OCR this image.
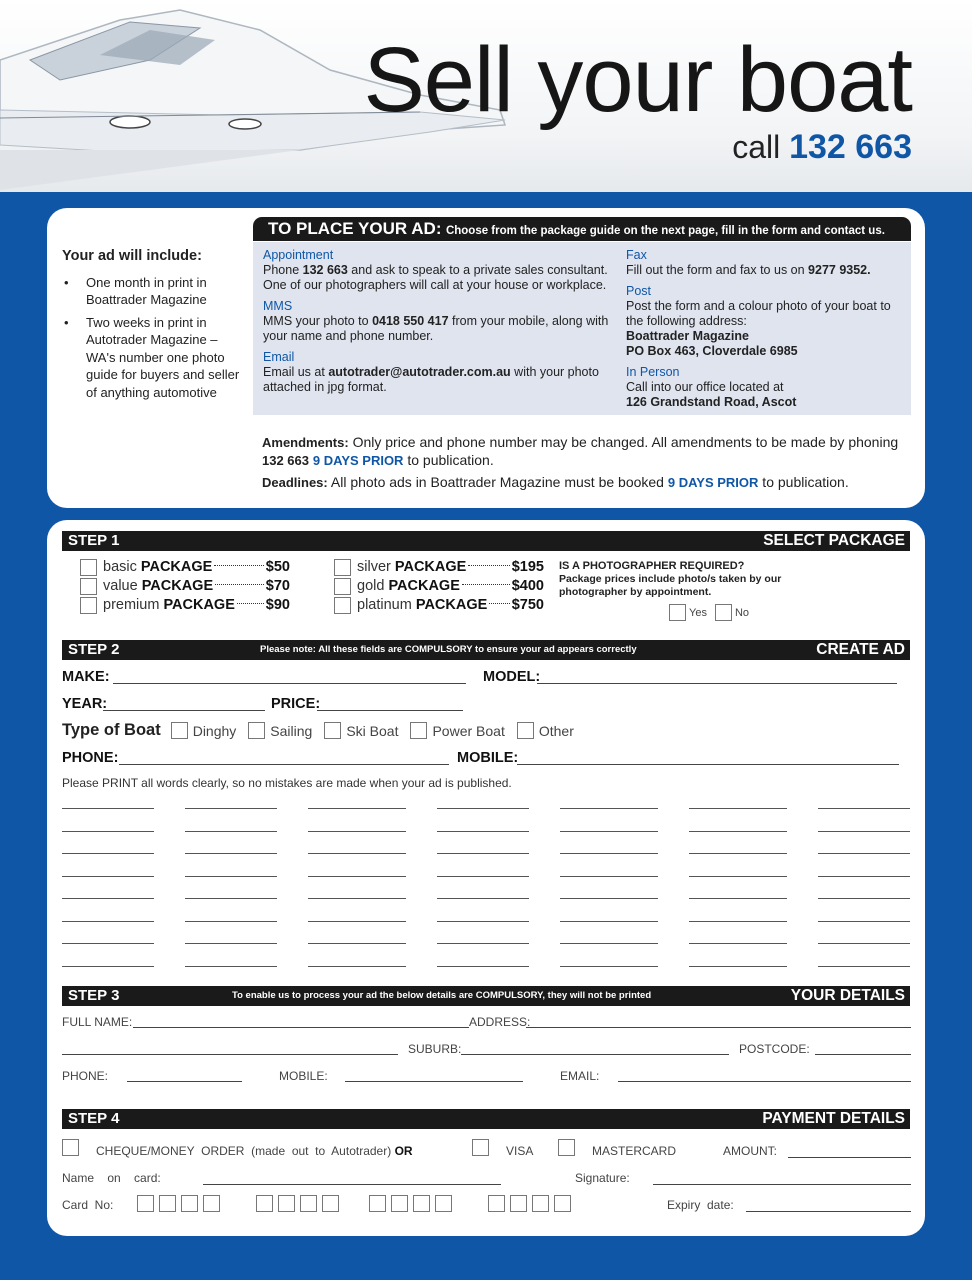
Sell your boat
call 132 663
Your ad will include:
• One month in print in Boattrader Magazine
• Two weeks in print in Autotrader Magazine – WA's number one photo guide for buyers and seller of anything automotive
TO PLACE YOUR AD: Choose from the package guide on the next page, fill in the form and contact us.
Appointment
Phone 132 663 and ask to speak to a private sales consultant. One of our photographers will call at your house or workplace.
MMS
MMS your photo to 0418 550 417 from your mobile, along with your name and phone number.
Email
Email us at autotrader@autotrader.com.au with your photo attached in jpg format.
Fax
Fill out the form and fax to us on 9277 9352.
Post
Post the form and a colour photo of your boat to the following address:
Boattrader Magazine
PO Box 463, Cloverdale 6985
In Person
Call into our office located at
126 Grandstand Road, Ascot
Amendments: Only price and phone number may be changed. All amendments to be made by phoning 132 663 9 DAYS PRIOR to publication.
Deadlines: All photo ads in Boattrader Magazine must be booked 9 DAYS PRIOR to publication.
STEP 1	SELECT PACKAGE
basic PACKAGE	$50
value PACKAGE	$70
premium PACKAGE $90
silver PACKAGE	$195
gold PACKAGE	$400
platinum PACKAGE $750
IS A PHOTOGRAPHER REQUIRED?
Package prices include photo/s taken by our photographer by appointment.
Yes	No
STEP 2	Please note: All these fields are COMPULSORY to ensure your ad appears correctly	CREATE AD
MAKE:	MODEL:
YEAR:	PRICE:
Type of Boat Dinghy Sailing Ski Boat Power Boat Other
PHONE:	MOBILE:
Please PRINT all words clearly, so no mistakes are made when your ad is published.
STEP 3	To enable us to process your ad the below details are COMPULSORY, they will not be printed	YOUR DETAILS
FULL NAME:	ADDRESS:
SUBURB:	POSTCODE:
PHONE:	MOBILE:	EMAIL:
STEP 4	PAYMENT DETAILS
CHEQUE/MONEY  ORDER  (made  out  to  Autotrader) OR	VISA	MASTERCARD	AMOUNT:
Name    on    card:	Signature:
Card  No:	Expiry  date:
